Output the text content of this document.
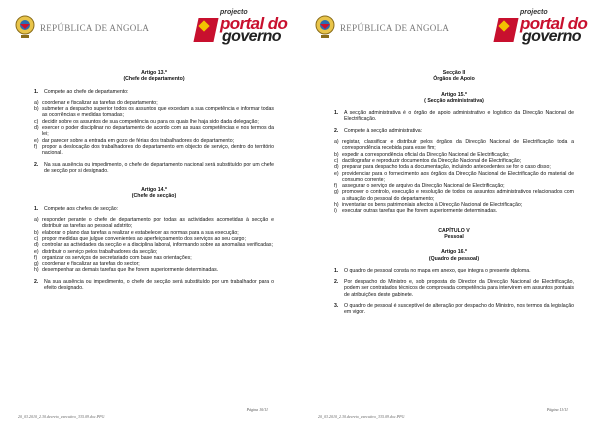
REPÚBLICA DE ANGOLA
projecto
portal do
governo
Artigo 13.º
(Chefe de departamento)
1.	Compete ao chefe de departamento:
a) coordenar e fiscalizar as tarefas do departamento;
b) submeter a despacho superior todos os assuntos que excedam a sua competência e informar todas as ocorrências e medidas tomadas;
c) decidir sobre os assuntos de sua competência ou para os quais lhe haja sido dada delegação;
d) exercer o poder disciplinar no departamento de acordo com as suas competências e nos termos da lei;
e) dar parecer sobre a entrada em gozo de férias dos trabalhadores do departamento;
f) propor a deslocação dos trabalhadores do departamento em objecto de serviço, dentro do território nacional.
2.	Na sua ausência ou impedimento, o chefe de departamento nacional será substituído por um chefe de secção por si designado.
Artigo 14.º
(Chefe de secção)
1.	Compete aos chefes de secção:
a) responder perante o chefe de departamento por todas as actividades acometidas à secção e distribuir as tarefas ao pessoal adstrito;
b) elaborar o plano das tarefas a realizar e estabelecer as normas para a sua execução;
c) propor medidas que julgue convenientes ao aperfeiçoamento dos serviços ao seu cargo;
d) controlar as actividades da secção e a disciplina laboral, informando sobre as anomalias verificadas;
e) distribuir o serviço pelos trabalhadores da secção;
f) organizar os serviços de secretariado com base nas orientações;
g) coordenar e fiscalizar as tarefas do sector;
h) desempenhar as demais tarefas que lhe forem superiormente determinadas.
2.	Na sua ausência ou impedimento, o chefe de secção será substituído por um trabalhador para o efeito designado.
Página 10/11
20_03.2010_2.30.decreto_executivo_335.09.doc.PPG
REPÚBLICA DE ANGOLA
projecto
portal do
governo
Secção II
Órgãos de Apoio
Artigo 15.º
( Secção administrativa)
1.	A secção administrativa é o órgão de apoio administrativo e logístico da Direcção Nacional de Electrificação.
2.	Compete à secção administrativa:
a) registar, classificar e distribuir pelos órgãos da Direcção Nacional de Electrificação toda a correspondência recebida para esse fim;
b) expedir a correspondência oficial da Direcção Nacional de Electrificação;
c) dactilografar e reproduzir documentos da Direcção Nacional de Electrificação;
d) preparar para despacho toda a documentação, incluindo antecedentes se for o caso disso;
e) providenciar para o fornecimento aos órgãos da Direcção Nacional de Electrificação do material de consumo corrente;
f) assegurar o serviço de arquivo da Direcção Nacional de Electrificação;
g) promover o controlo, execução e resolução de todos os assuntos administrativos relacionados com a situação do pessoal do departamento;
h) inventariar os bens patrimoniais afectos à Direcção Nacional de Electrificação;
i) executar outras tarefas que lhe forem superiormente determinadas.
CAPÍTULO V
Pessoal
Artigo 16.º
(Quadro de pessoal)
1.	O quadro de pessoal consta no mapa em anexo, que integra o presente diploma.
2.	Por despacho do Ministro e, sob proposta do Director da Direcção Nacional de Electrificação, podem ser contratados técnicos de comprovada competência para intervirem em assuntos pontuais de atribuições deste gabinete.
3.	O quadro de pessoal é susceptível de alteração por despacho do Ministro, nos termos da legislação em vigor.
Página 11/11
20_03.2010_2.30.decreto_executivo_335.09.doc.PPG
